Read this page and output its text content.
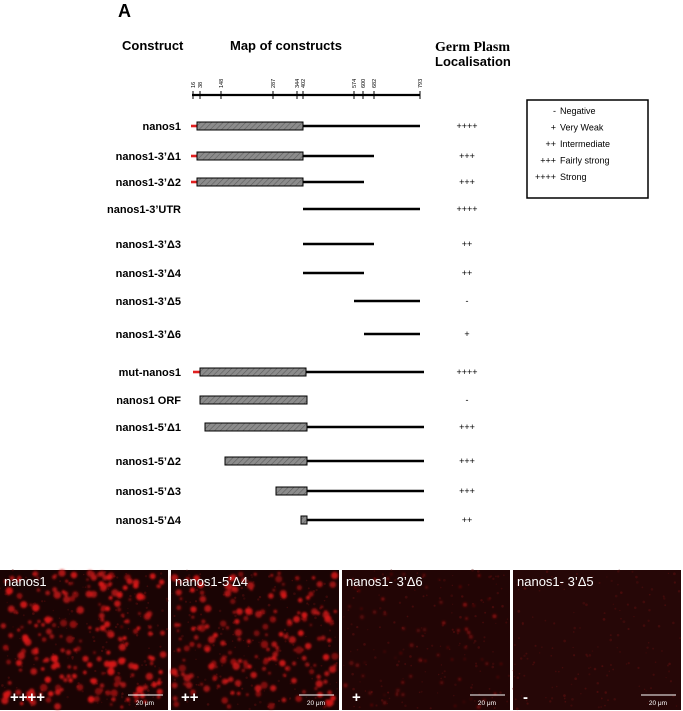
A
Construct	Map of constructs	Germ Plasm
Localisation
16 38	148	287	344 402	574 600 682	793
nanos1	++++
nanos1-3’Δ1	+++
nanos1-3’Δ2	+++
nanos1-3’UTR	++++
nanos1-3’Δ3	++
nanos1-3’Δ4	++
nanos1-3’Δ5	-
nanos1-3’Δ6	+
mut-nanos1	++++
nanos1 ORF	-
nanos1-5’Δ1	+++
nanos1-5’Δ2	+++
nanos1-5’Δ3	+++
nanos1-5’Δ4	++
- Negative
+ Very Weak
++ Intermediate
+++ Fairly strong
++++ Strong
nanos1
++++	20 μm
nanos1-5’Δ4
++	20 μm
nanos1- 3’Δ6
+	20 μm
nanos1- 3’Δ5
-	20 μm
